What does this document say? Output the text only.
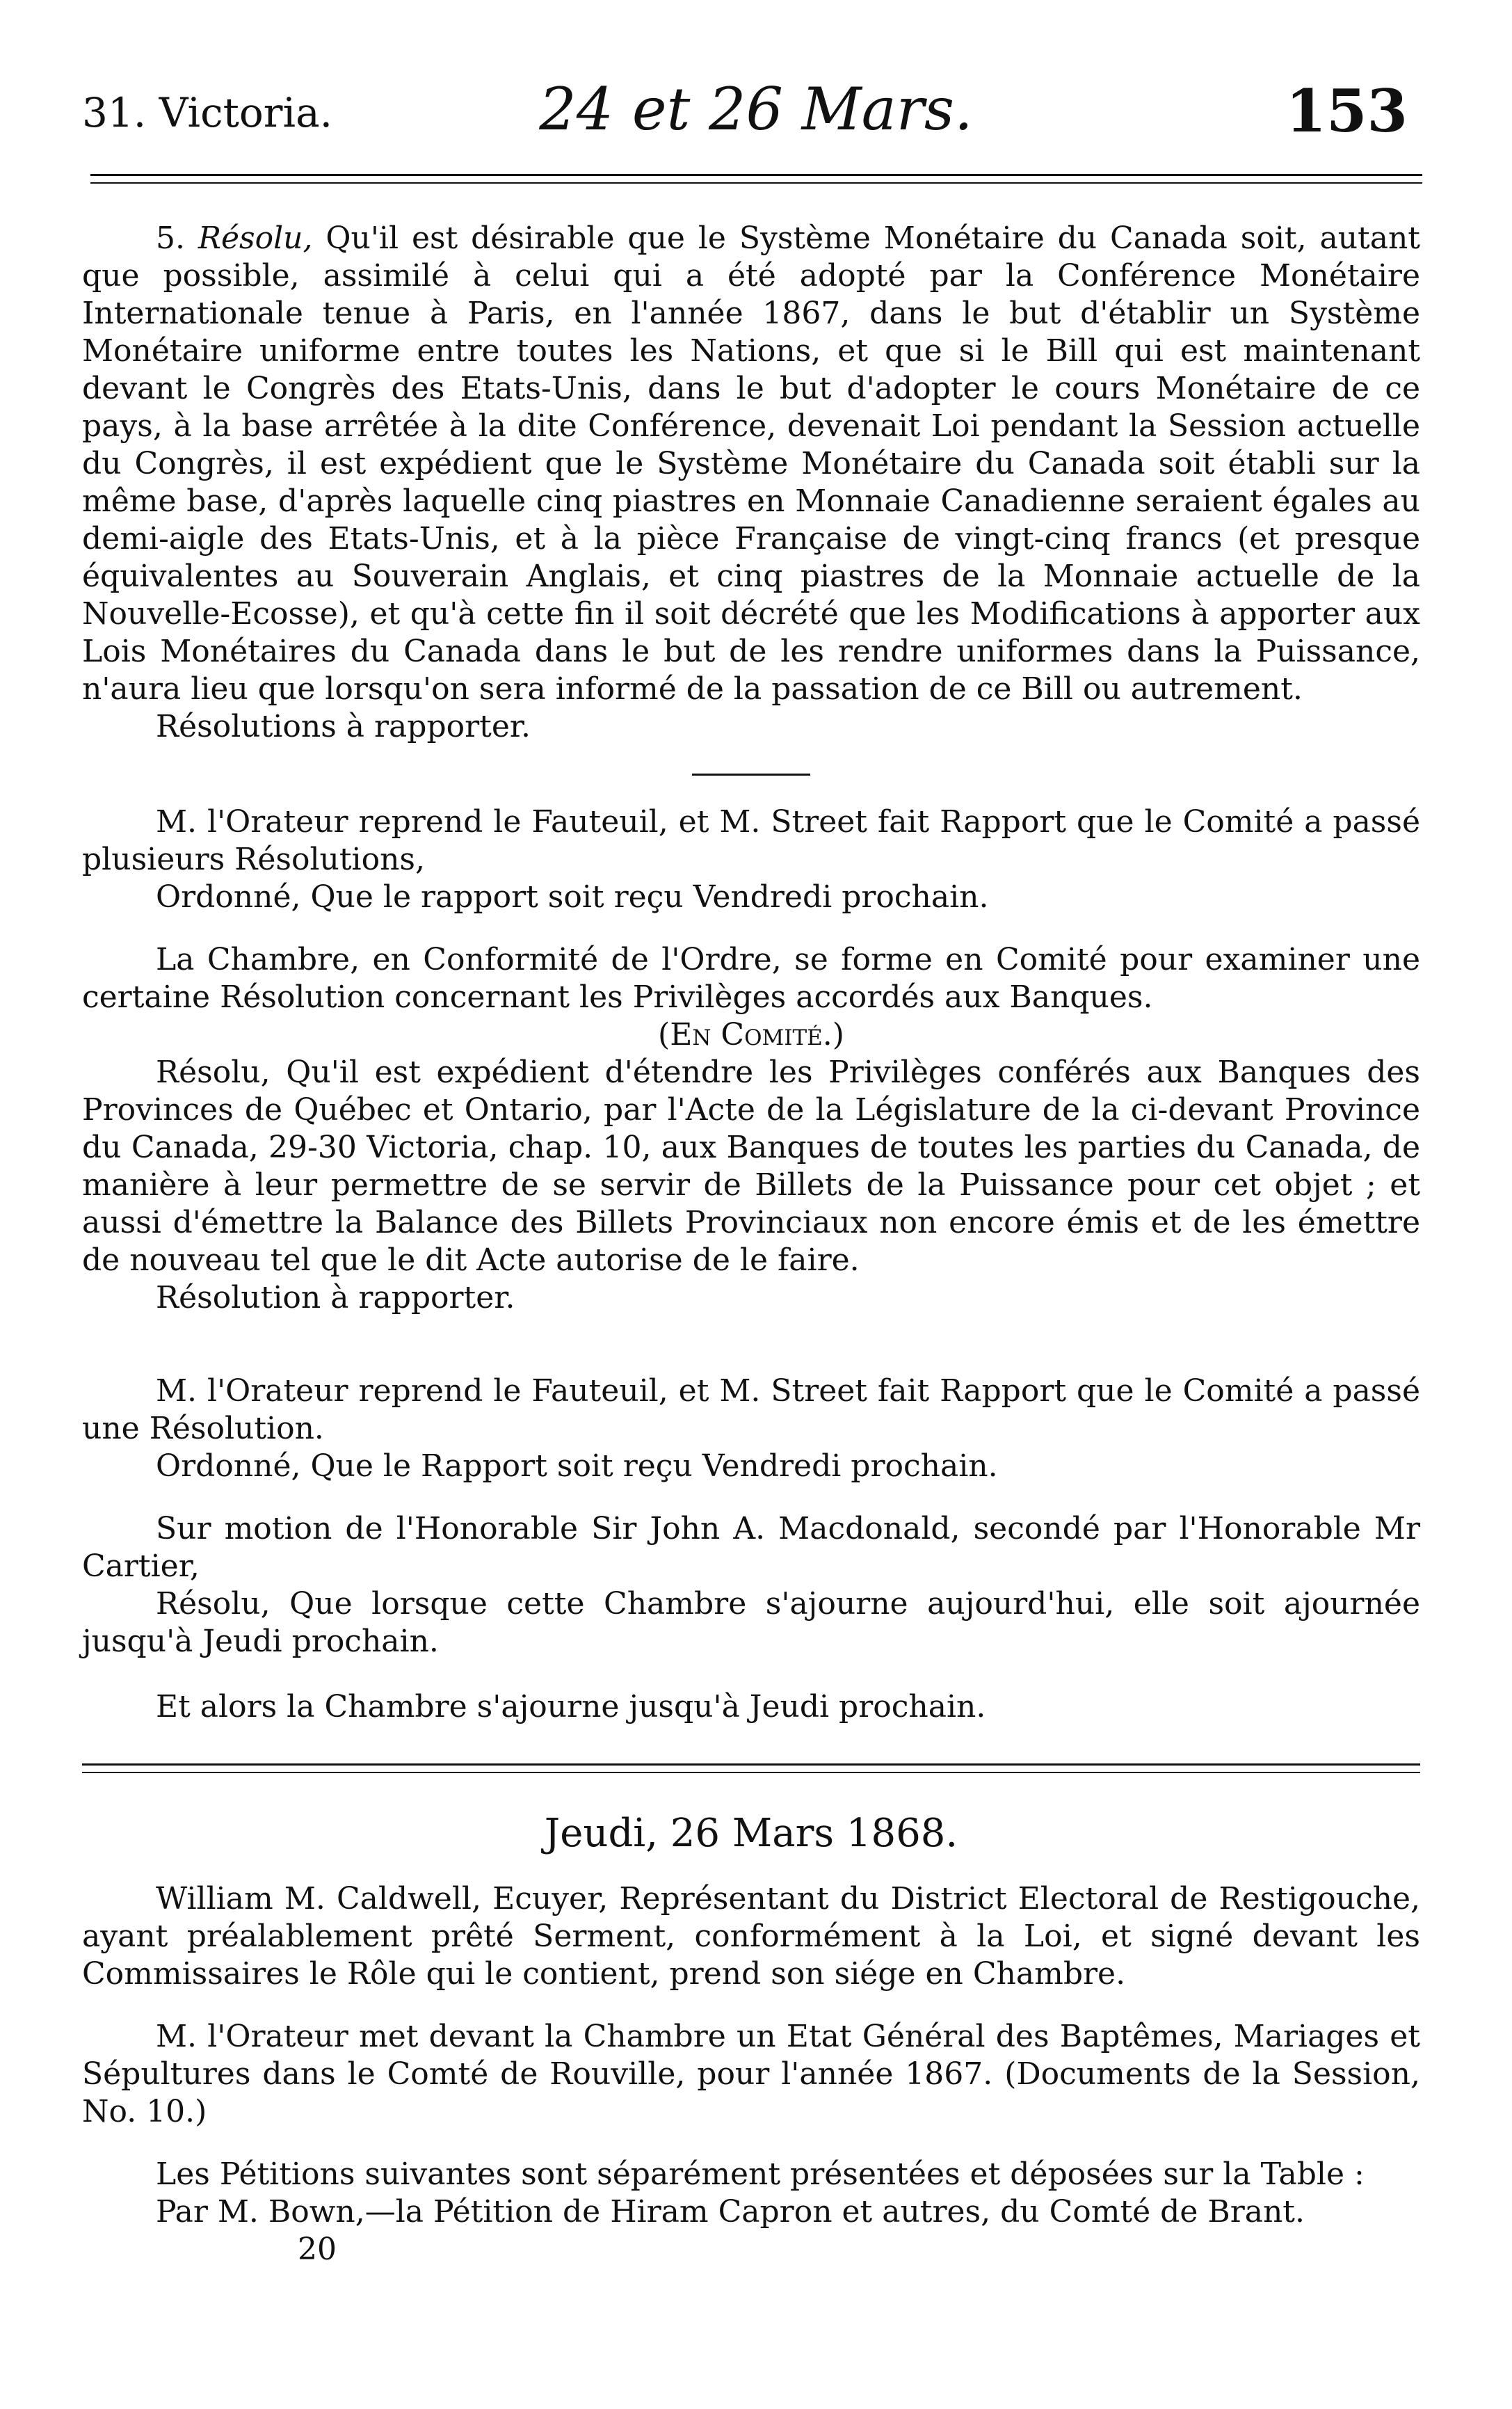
31. Victoria.	24 et 26 Mars.	153

5. Résolu, Qu'il est désirable que le Système Monétaire du Canada soit, autant que possible, assimilé à celui qui a été adopté par la Conférence Monétaire Internationale tenue à Paris, en l'année 1867, dans le but d'établir un Système Monétaire uniforme entre toutes les Nations, et que si le Bill qui est maintenant devant le Congrès des Etats-Unis, dans le but d'adopter le cours Monétaire de ce pays, à la base arrêtée à la dite Conférence, devenait Loi pendant la Session actuelle du Congrès, il est expédient que le Système Monétaire du Canada soit établi sur la même base, d'après laquelle cinq piastres en Monnaie Canadienne seraient égales au demi-aigle des Etats-Unis, et à la pièce Française de vingt-cinq francs (et presque équivalentes au Souverain Anglais, et cinq piastres de la Monnaie actuelle de la Nouvelle-Ecosse), et qu'à cette fin il soit décrété que les Modifications à apporter aux Lois Monétaires du Canada dans le but de les rendre uniformes dans la Puissance, n'aura lieu que lorsqu'on sera informé de la passation de ce Bill ou autrement.

Résolutions à rapporter.

M. l'Orateur reprend le Fauteuil, et M. Street fait Rapport que le Comité a passé plusieurs Résolutions,

Ordonné, Que le rapport soit reçu Vendredi prochain.

La Chambre, en Conformité de l'Ordre, se forme en Comité pour examiner une certaine Résolution concernant les Privilèges accordés aux Banques.

(En Comité.)

Résolu, Qu'il est expédient d'étendre les Privilèges conférés aux Banques des Provinces de Québec et Ontario, par l'Acte de la Législature de la ci-devant Province du Canada, 29-30 Victoria, chap. 10, aux Banques de toutes les parties du Canada, de manière à leur permettre de se servir de Billets de la Puissance pour cet objet ; et aussi d'émettre la Balance des Billets Provinciaux non encore émis et de les émettre de nouveau tel que le dit Acte autorise de le faire.

Résolution à rapporter.

M. l'Orateur reprend le Fauteuil, et M. Street fait Rapport que le Comité a passé une Résolution.

Ordonné, Que le Rapport soit reçu Vendredi prochain.

Sur motion de l'Honorable Sir John A. Macdonald, secondé par l'Honorable Mr Cartier,

Résolu, Que lorsque cette Chambre s'ajourne aujourd'hui, elle soit ajournée jusqu'à Jeudi prochain.

Et alors la Chambre s'ajourne jusqu'à Jeudi prochain.

Jeudi, 26 Mars 1868.

William M. Caldwell, Ecuyer, Représentant du District Electoral de Restigouche, ayant préalablement prêté Serment, conformément à la Loi, et signé devant les Commissaires le Rôle qui le contient, prend son siége en Chambre.

M. l'Orateur met devant la Chambre un Etat Général des Baptêmes, Mariages et Sépultures dans le Comté de Rouville, pour l'année 1867. (Documents de la Session, No. 10.)

Les Pétitions suivantes sont séparément présentées et déposées sur la Table :

Par M. Bown,—la Pétition de Hiram Capron et autres, du Comté de Brant.

20
